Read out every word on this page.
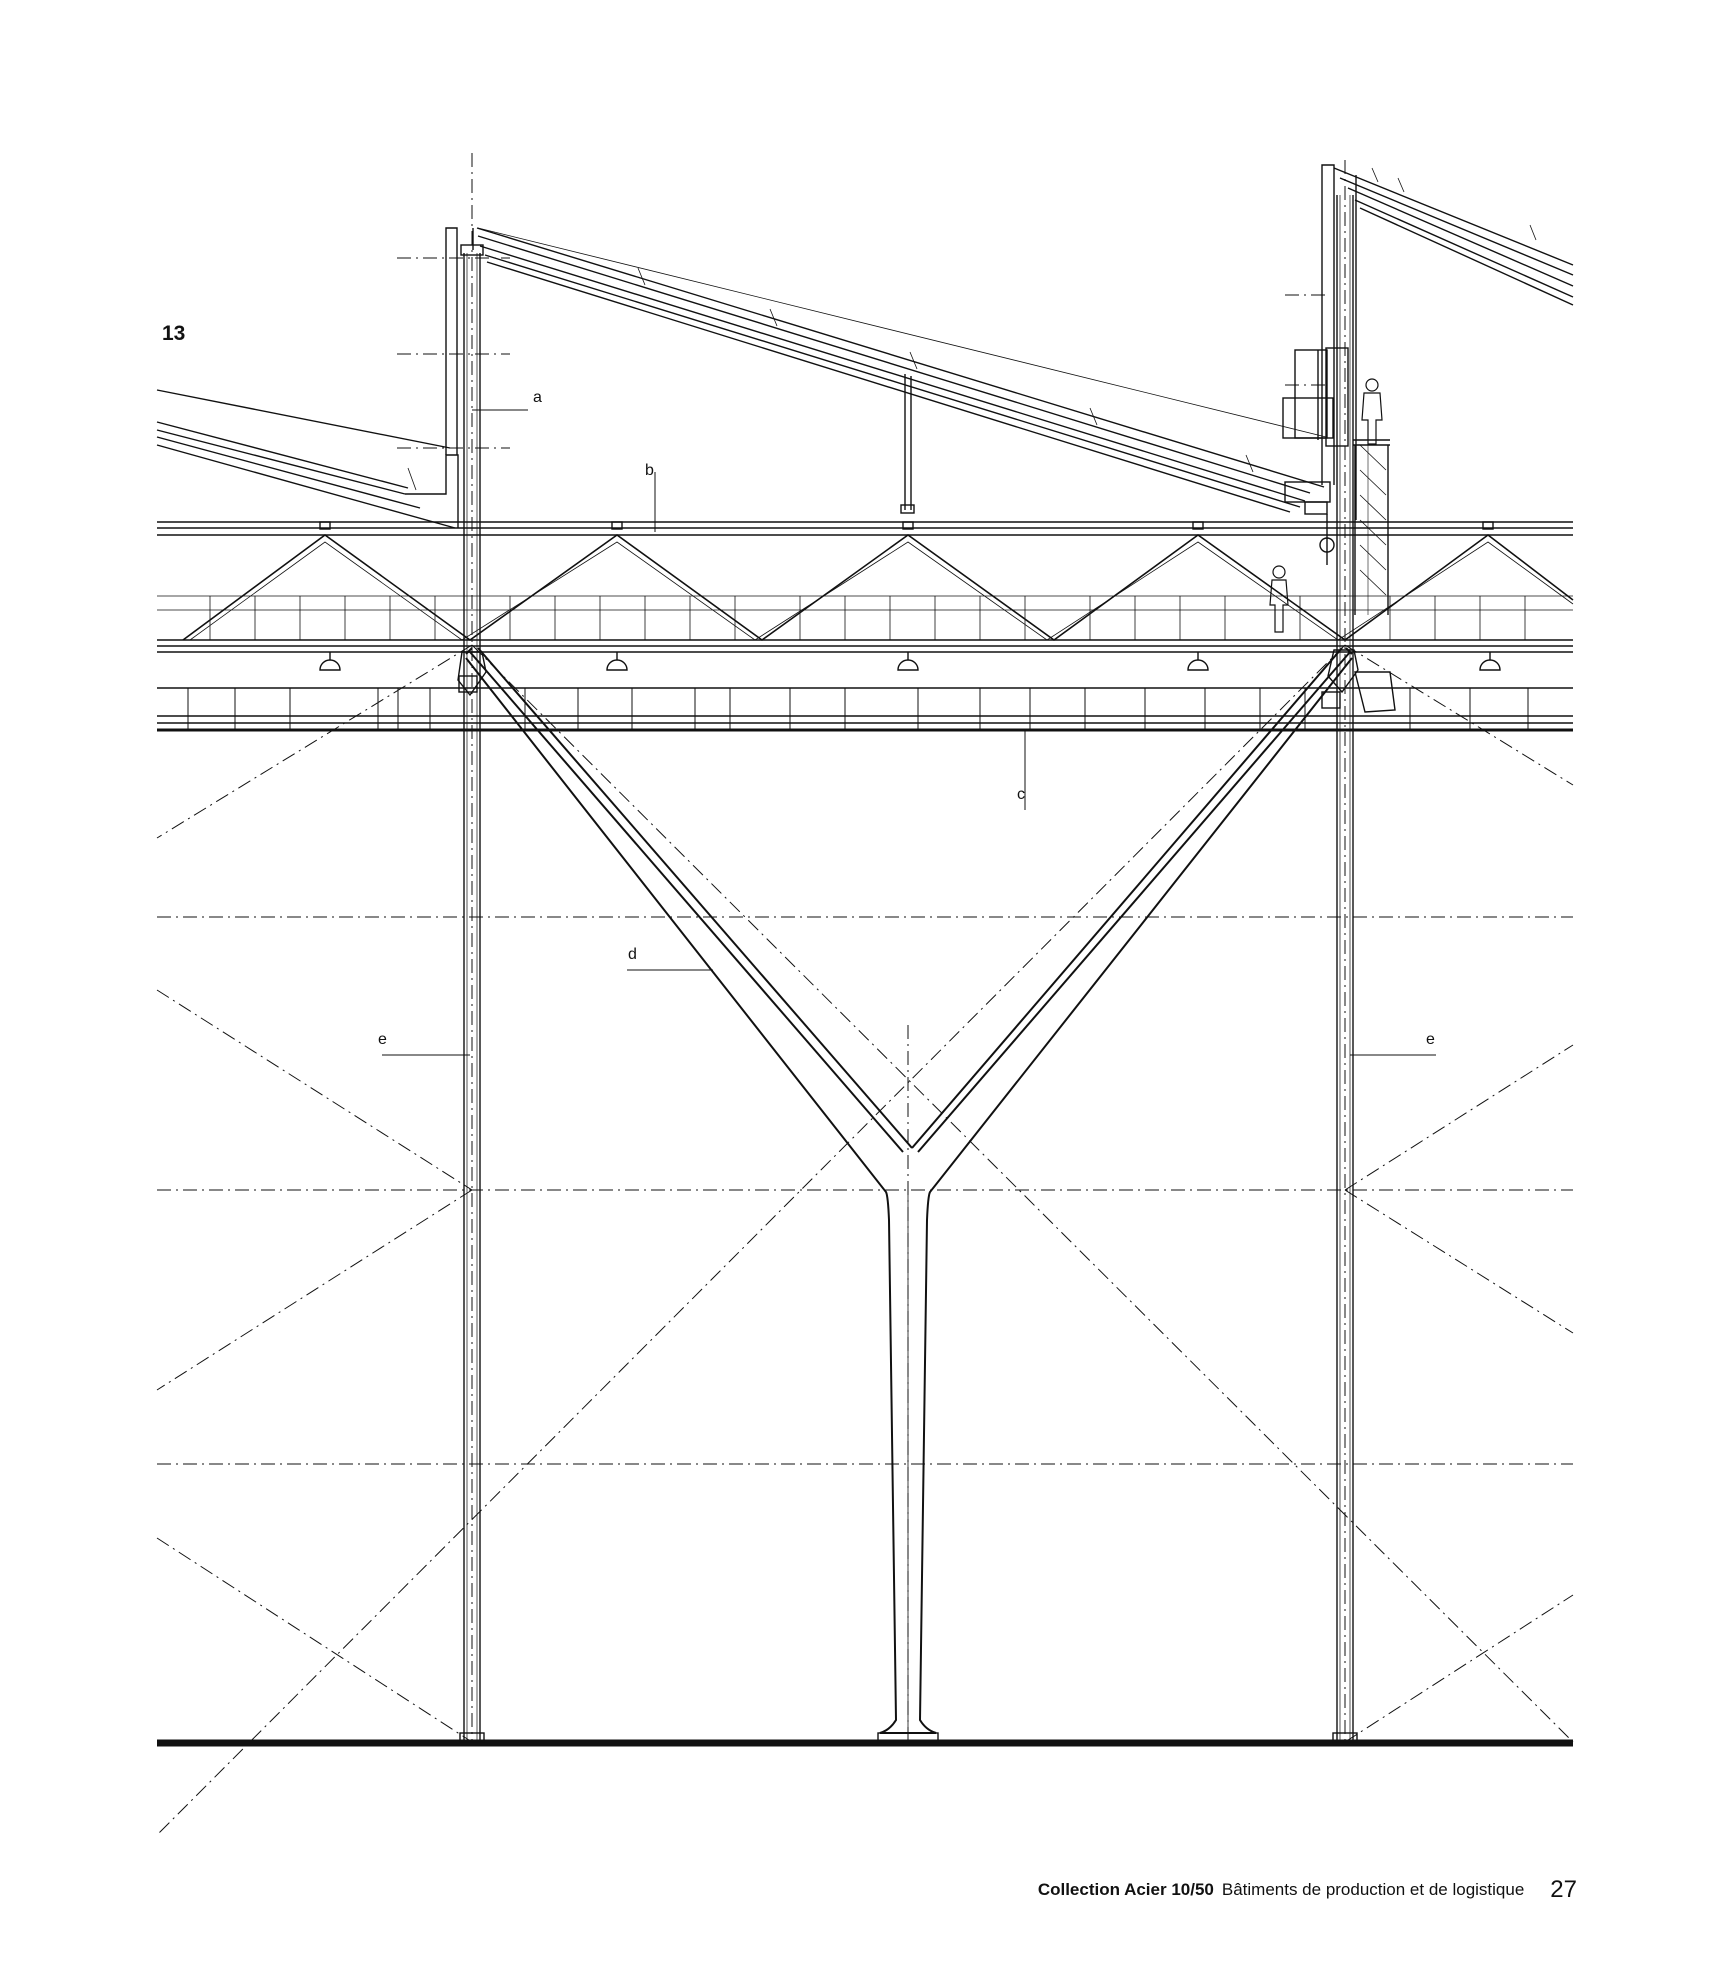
13
a
b
c
d
e	e
Collection Acier 10/50 Bâtiments de production et de logistique 27
